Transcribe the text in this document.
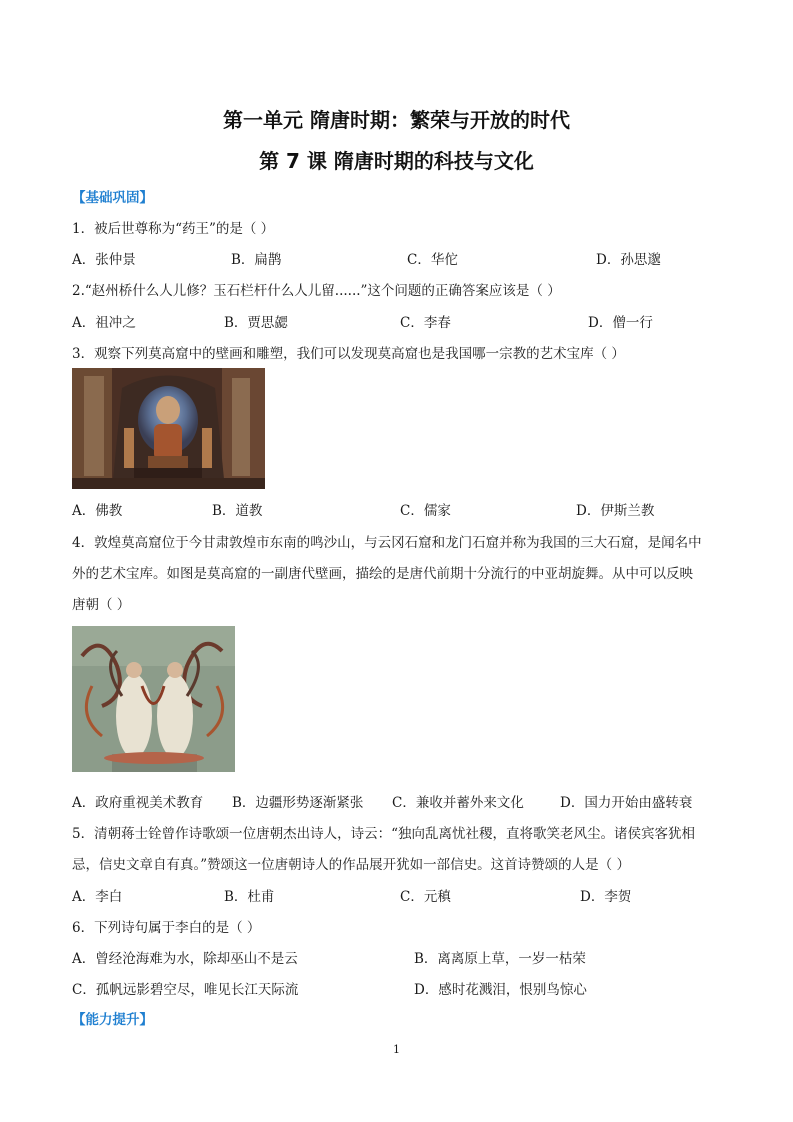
第一单元 隋唐时期：繁荣与开放的时代
第 7 课 隋唐时期的科技与文化
【基础巩固】
1．被后世尊称为“药王”的是（ ）
A．张仲景	B．扁鹊	C．华佗	D．孙思邈
2.“赵州桥什么人儿修？玉石栏杆什么人儿留......”这个问题的正确答案应该是（ ）
A．祖冲之	B．贾思勰	C．李春	D．僧一行
3．观察下列莫高窟中的壁画和雕塑，我们可以发现莫高窟也是我国哪一宗教的艺术宝库（ ）
A．佛教	B．道教	C．儒家	D．伊斯兰教
4．敦煌莫高窟位于今甘肃敦煌市东南的鸣沙山，与云冈石窟和龙门石窟并称为我国的三大石窟，是闻名中
外的艺术宝库。如图是莫高窟的一副唐代壁画，描绘的是唐代前期十分流行的中亚胡旋舞。从中可以反映
唐朝（ ）
A．政府重视美术教育 B．边疆形势逐渐紧张 C．兼收并蓄外来文化	D．国力开始由盛转衰
5．清朝蒋士铨曾作诗歌颂一位唐朝杰出诗人，诗云：“独向乱离忧社稷，直将歌笑老风尘。诸侯宾客犹相
忌，信史文章自有真。”赞颂这一位唐朝诗人的作品展开犹如一部信史。这首诗赞颂的人是（ ）
A．李白	B．杜甫	C．元稹	D．李贺
6．下列诗句属于李白的是（ ）
A．曾经沧海难为水，除却巫山不是云	B．离离原上草，一岁一枯荣
C．孤帆远影碧空尽，唯见长江天际流	D．感时花溅泪，恨别鸟惊心
【能力提升】
1
